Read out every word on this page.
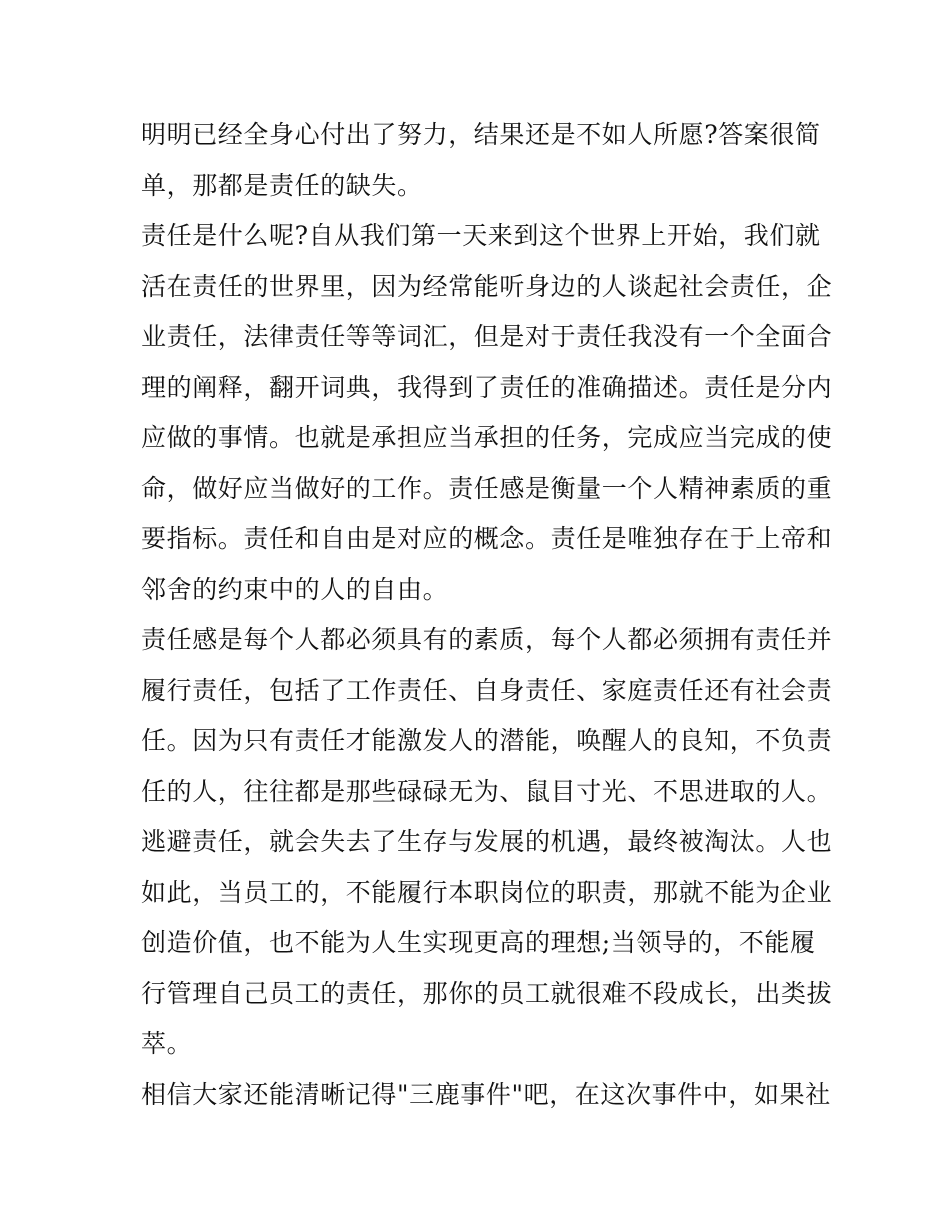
明明已经全身心付出了努力，结果还是不如人所愿?答案很简
单，那都是责任的缺失。

责任是什么呢?自从我们第一天来到这个世界上开始，我们就
活在责任的世界里，因为经常能听身边的人谈起社会责任，企
业责任，法律责任等等词汇，但是对于责任我没有一个全面合
理的阐释，翻开词典，我得到了责任的准确描述。责任是分内
应做的事情。也就是承担应当承担的任务，完成应当完成的使
命，做好应当做好的工作。责任感是衡量一个人精神素质的重
要指标。责任和自由是对应的概念。责任是唯独存在于上帝和
邻舍的约束中的人的自由。

责任感是每个人都必须具有的素质，每个人都必须拥有责任并
履行责任，包括了工作责任、自身责任、家庭责任还有社会责
任。因为只有责任才能激发人的潜能，唤醒人的良知，不负责
任的人，往往都是那些碌碌无为、鼠目寸光、不思进取的人。
逃避责任，就会失去了生存与发展的机遇，最终被淘汰。人也
如此，当员工的，不能履行本职岗位的职责，那就不能为企业
创造价值，也不能为人生实现更高的理想;当领导的，不能履
行管理自己员工的责任，那你的员工就很难不段成长，出类拔
萃。

相信大家还能清晰记得"三鹿事件"吧，在这次事件中，如果社
